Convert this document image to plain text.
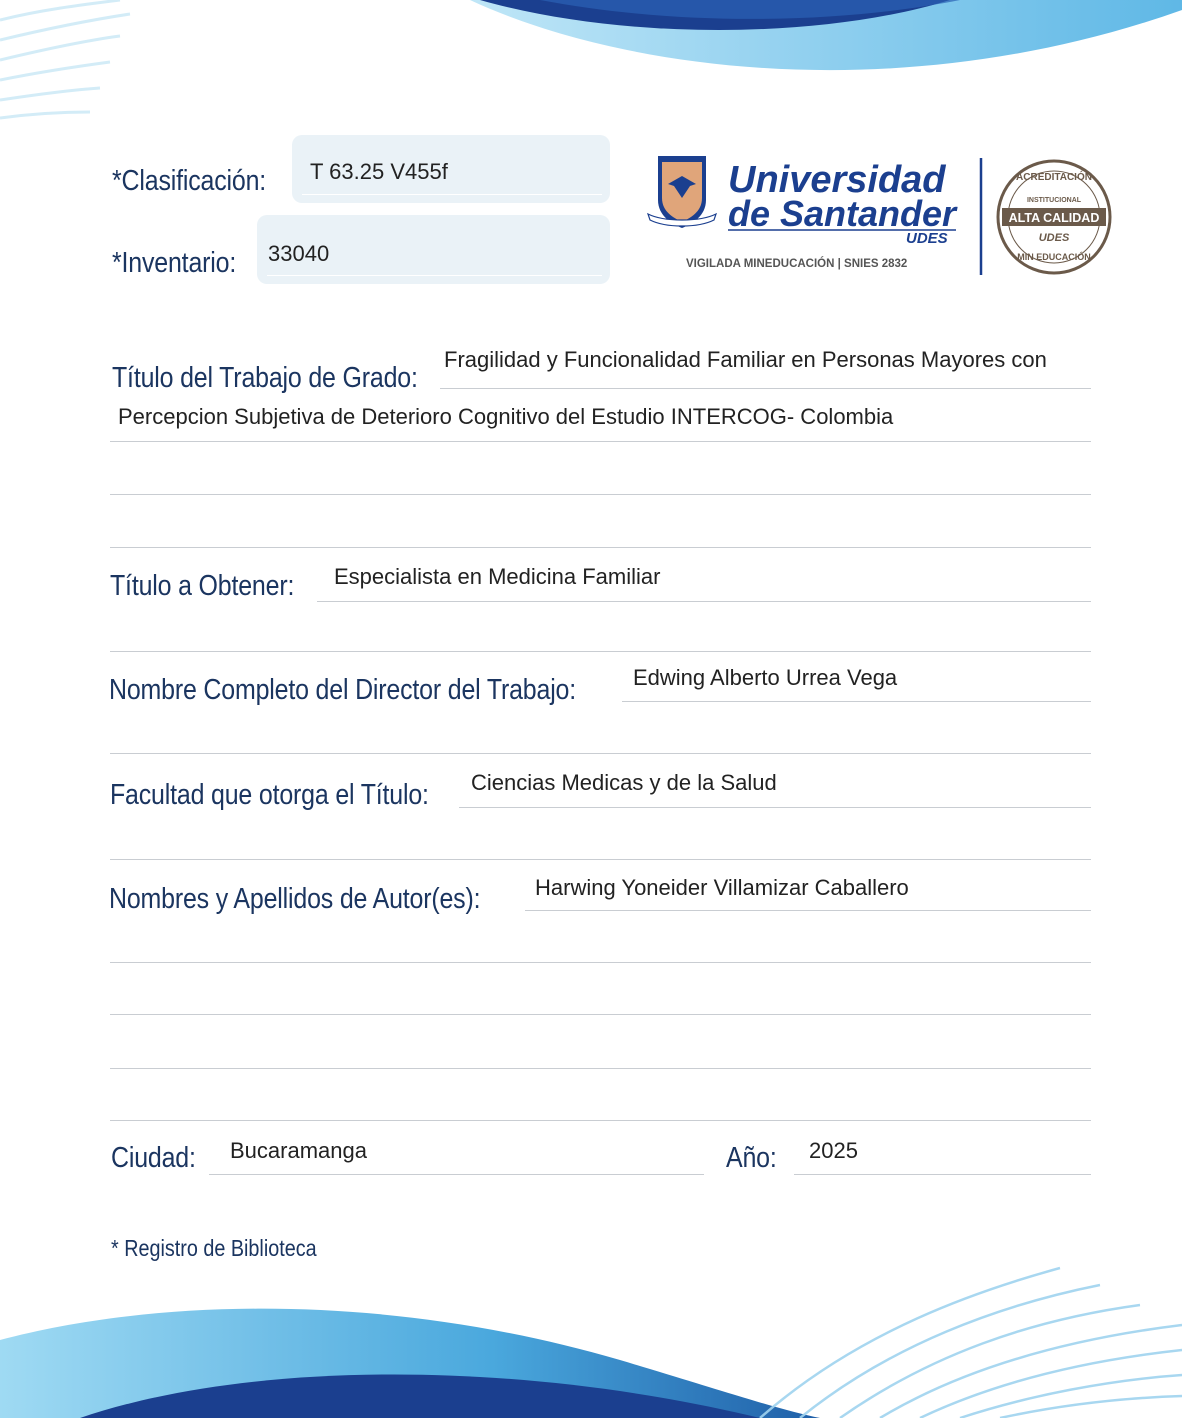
*Clasificación: T 63.25 V455f
*Inventario: 33040
Universidad
de Santander
UDES
VIGILADA MINEDUCACIÓN | SNIES 2832
ACREDITACIÓN
INSTITUCIONAL
ALTA CALIDAD
UDES
MIN EDUCACIÓN
Título del Trabajo de Grado:
Fragilidad y Funcionalidad Familiar en Personas Mayores con
Percepcion Subjetiva de Deterioro Cognitivo del Estudio INTERCOG- Colombia
Título a Obtener: Especialista en Medicina Familiar
Nombre Completo del Director del Trabajo:	Edwing Alberto Urrea Vega
Facultad que otorga el Título: Ciencias Medicas y de la Salud
Nombres y Apellidos de Autor(es): Harwing Yoneider Villamizar Caballero
Ciudad: Bucaramanga	Año: 2025
* Registro de Biblioteca
